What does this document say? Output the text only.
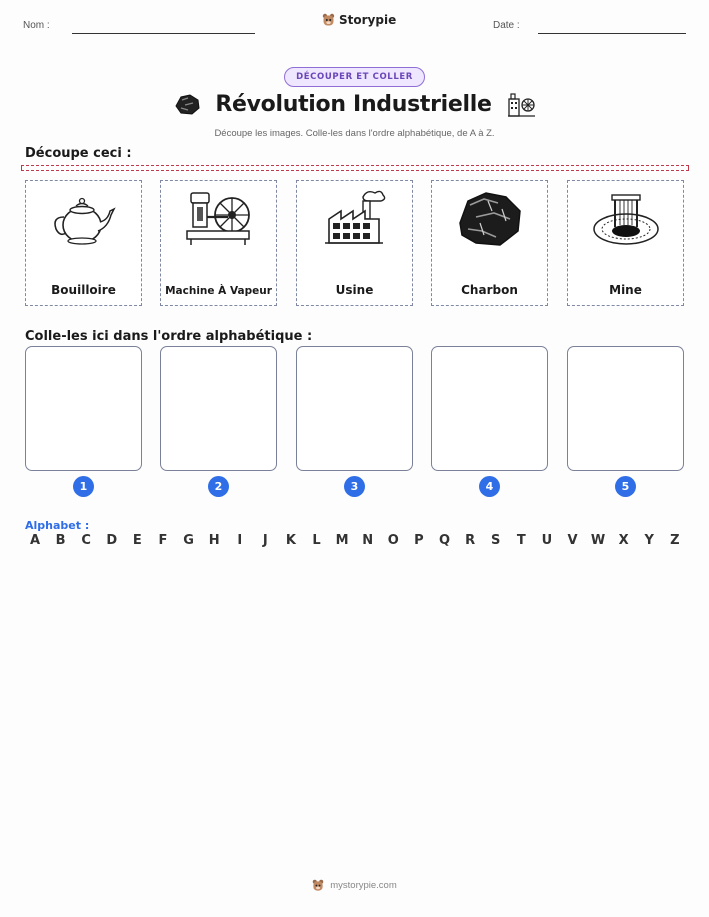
Nom :	Storypie	Date :
DÉCOUPER ET COLLER
Révolution Industrielle
Découpe les images. Colle-les dans l'ordre alphabétique, de A à Z.
Découpe ceci :
Bouilloire	Machine À Vapeur	Usine	Charbon	Mine
Colle-les ici dans l'ordre alphabétique :
1	2	3	4	5
Alphabet :
A B C D E F G H	I	J	K L M N O P Q R S T U V W X Y Z
mystorypie.com
